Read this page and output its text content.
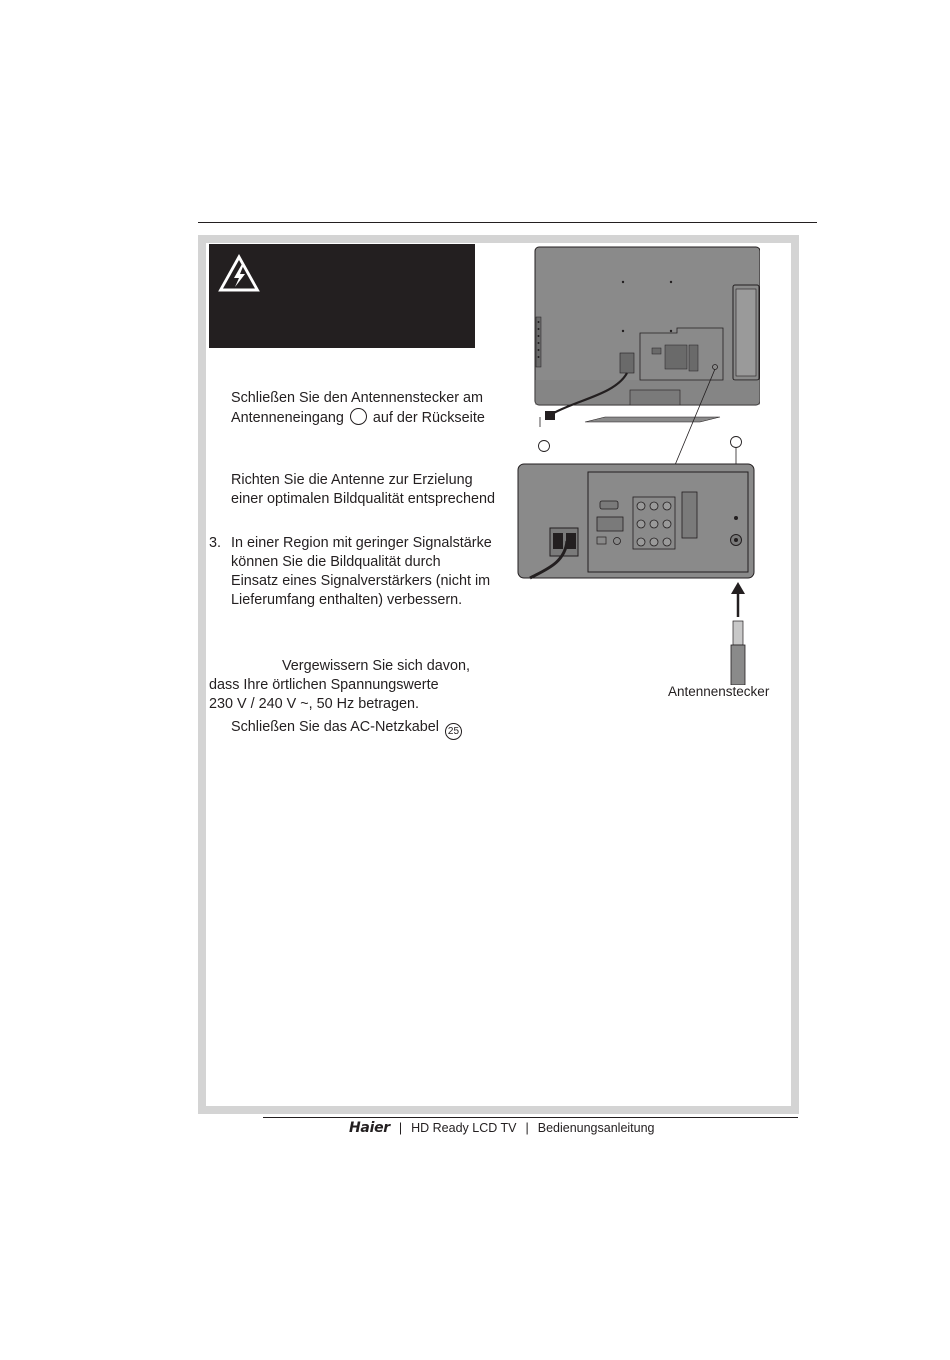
Schließen Sie den Antennenstecker am
Antenneneingang auf der Rückseite
Richten Sie die Antenne zur Erzielung
einer optimalen Bildqualität entsprechend
3. In einer Region mit geringer Signalstärke
können Sie die Bildqualität durch
Einsatz eines Signalverstärkers (nicht im
Lieferumfang enthalten) verbessern.
Vergewissern Sie sich davon,
dass Ihre örtlichen Spannungswerte
230 V / 240 V ~, 50 Hz betragen.
Schließen Sie das AC-Netzkabel 25
Antennenstecker
Haier | HD Ready LCD TV | Bedienungsanleitung
